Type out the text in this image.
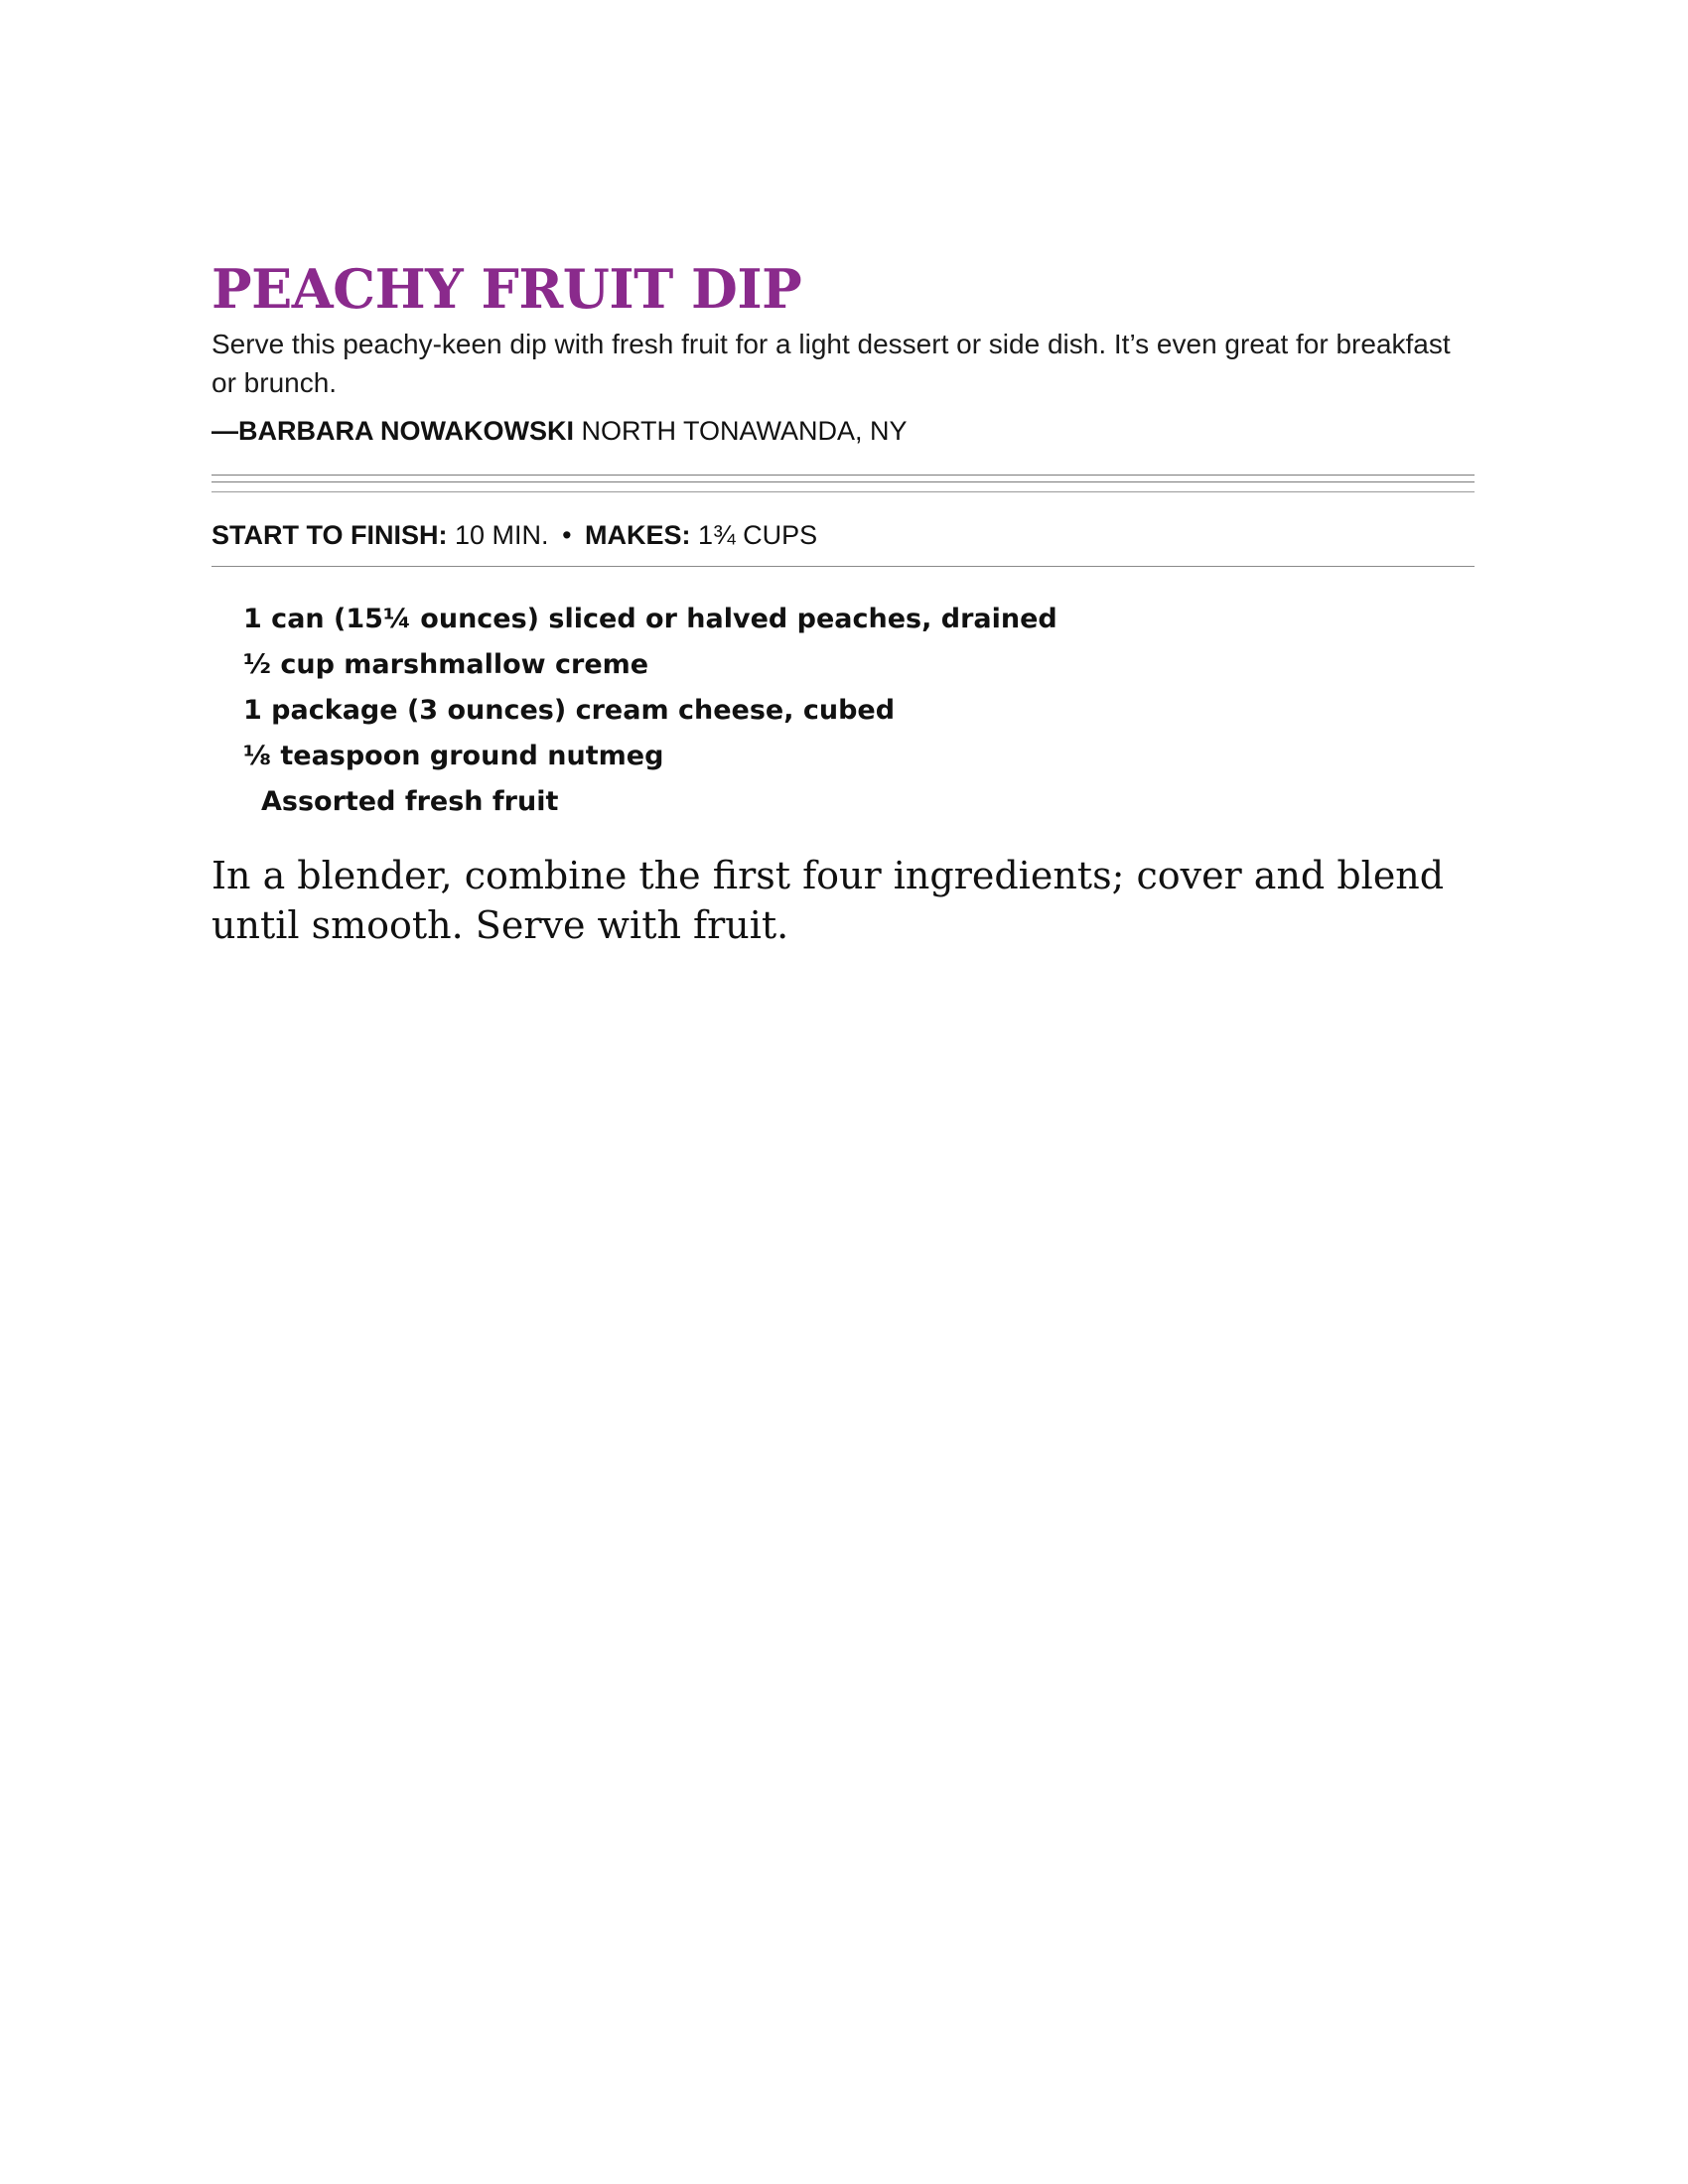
PEACHY FRUIT DIP

Serve this peachy-keen dip with fresh fruit for a light dessert or side dish. It’s even great for breakfast or brunch.

—BARBARA NOWAKOWSKI NORTH TONAWANDA, NY

START TO FINISH: 10 MIN. • MAKES: 1¾ CUPS
1 can (15¼ ounces) sliced or halved peaches, drained
½ cup marshmallow creme
1 package (3 ounces) cream cheese, cubed
⅛ teaspoon ground nutmeg
Assorted fresh fruit

In a blender, combine the first four ingredients; cover and blend until smooth. Serve with fruit.
